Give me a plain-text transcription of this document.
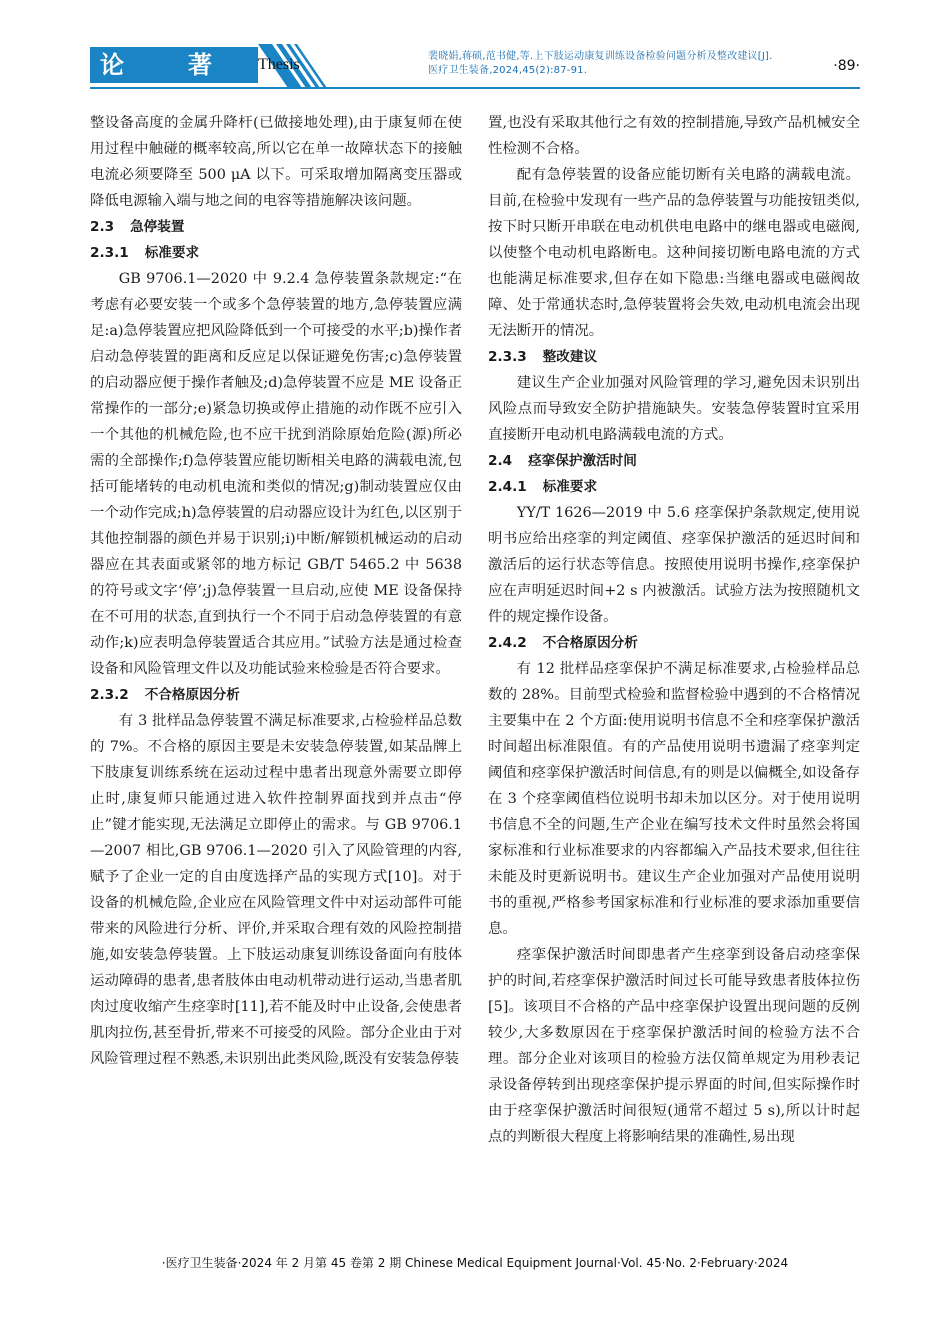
论	著	Thesis	裴晓娟,蒋硕,范书健,等.上下肢运动康复训练设备检验问题分析及整改建议[J].
医疗卫生装备,2024,45(2):87-91.	·89·

整设备高度的金属升降杆(已做接地处理),由于康复师在使用过程中触碰的概率较高,所以它在单一故障状态下的接触电流必须要降至 500 μA 以下。可采取增加隔离变压器或降低电源输入端与地之间的电容等措施解决该问题。

2.3 急停装置
2.3.1 标准要求

GB 9706.1—2020 中 9.2.4 急停装置条款规定:“在考虑有必要安装一个或多个急停装置的地方,急停装置应满足:a)急停装置应把风险降低到一个可接受的水平;b)操作者启动急停装置的距离和反应足以保证避免伤害;c)急停装置的启动器应便于操作者触及;d)急停装置不应是 ME 设备正常操作的一部分;e)紧急切换或停止措施的动作既不应引入一个其他的机械危险,也不应干扰到消除原始危险(源)所必需的全部操作;f)急停装置应能切断相关电路的满载电流,包括可能堵转的电动机电流和类似的情况;g)制动装置应仅由一个动作完成;h)急停装置的启动器应设计为红色,以区别于其他控制器的颜色并易于识别;i)中断/解锁机械运动的启动器应在其表面或紧邻的地方标记 GB/T 5465.2 中 5638 的符号或文字‘停’;j)急停装置一旦启动,应使 ME 设备保持在不可用的状态,直到执行一个不同于启动急停装置的有意动作;k)应表明急停装置适合其应用。”试验方法是通过检查设备和风险管理文件以及功能试验来检验是否符合要求。

2.3.2 不合格原因分析

有 3 批样品急停装置不满足标准要求,占检验样品总数的 7%。不合格的原因主要是未安装急停装置,如某品牌上下肢康复训练系统在运动过程中患者出现意外需要立即停止时,康复师只能通过进入软件控制界面找到并点击“停止”键才能实现,无法满足立即停止的需求。与 GB 9706.1—2007 相比,GB 9706.1—2020 引入了风险管理的内容,赋予了企业一定的自由度选择产品的实现方式[10]。对于设备的机械危险,企业应在风险管理文件中对运动部件可能带来的风险进行分析、评价,并采取合理有效的风险控制措施,如安装急停装置。上下肢运动康复训练设备面向有肢体运动障碍的患者,患者肢体由电动机带动进行运动,当患者肌肉过度收缩产生痉挛时[11],若不能及时中止设备,会使患者肌肉拉伤,甚至骨折,带来不可接受的风险。部分企业由于对风险管理过程不熟悉,未识别出此类风险,既没有安装急停装

置,也没有采取其他行之有效的控制措施,导致产品机械安全性检测不合格。

配有急停装置的设备应能切断有关电路的满载电流。目前,在检验中发现有一些产品的急停装置与功能按钮类似,按下时只断开串联在电动机供电电路中的继电器或电磁阀,以使整个电动机电路断电。这种间接切断电路电流的方式也能满足标准要求,但存在如下隐患:当继电器或电磁阀故障、处于常通状态时,急停装置将会失效,电动机电流会出现无法断开的情况。

2.3.3 整改建议

建议生产企业加强对风险管理的学习,避免因未识别出风险点而导致安全防护措施缺失。安装急停装置时宜采用直接断开电动机电路满载电流的方式。

2.4 痉挛保护激活时间
2.4.1 标准要求

YY/T 1626—2019 中 5.6 痉挛保护条款规定,使用说明书应给出痉挛的判定阈值、痉挛保护激活的延迟时间和激活后的运行状态等信息。按照使用说明书操作,痉挛保护应在声明延迟时间+2 s 内被激活。试验方法为按照随机文件的规定操作设备。

2.4.2 不合格原因分析

有 12 批样品痉挛保护不满足标准要求,占检验样品总数的 28%。目前型式检验和监督检验中遇到的不合格情况主要集中在 2 个方面:使用说明书信息不全和痉挛保护激活时间超出标准限值。有的产品使用说明书遗漏了痉挛判定阈值和痉挛保护激活时间信息,有的则是以偏概全,如设备存在 3 个痉挛阈值档位说明书却未加以区分。对于使用说明书信息不全的问题,生产企业在编写技术文件时虽然会将国家标准和行业标准要求的内容都编入产品技术要求,但往往未能及时更新说明书。建议生产企业加强对产品使用说明书的重视,严格参考国家标准和行业标准的要求添加重要信息。

痉挛保护激活时间即患者产生痉挛到设备启动痉挛保护的时间,若痉挛保护激活时间过长可能导致患者肢体拉伤[5]。该项目不合格的产品中痉挛保护设置出现问题的反例较少,大多数原因在于痉挛保护激活时间的检验方法不合理。部分企业对该项目的检验方法仅简单规定为用秒表记录设备停转到出现痉挛保护提示界面的时间,但实际操作时由于痉挛保护激活时间很短(通常不超过 5 s),所以计时起点的判断很大程度上将影响结果的准确性,易出现

·医疗卫生装备·2024 年 2 月第 45 卷第 2 期 Chinese Medical Equipment Journal·Vol. 45·No. 2·February·2024
